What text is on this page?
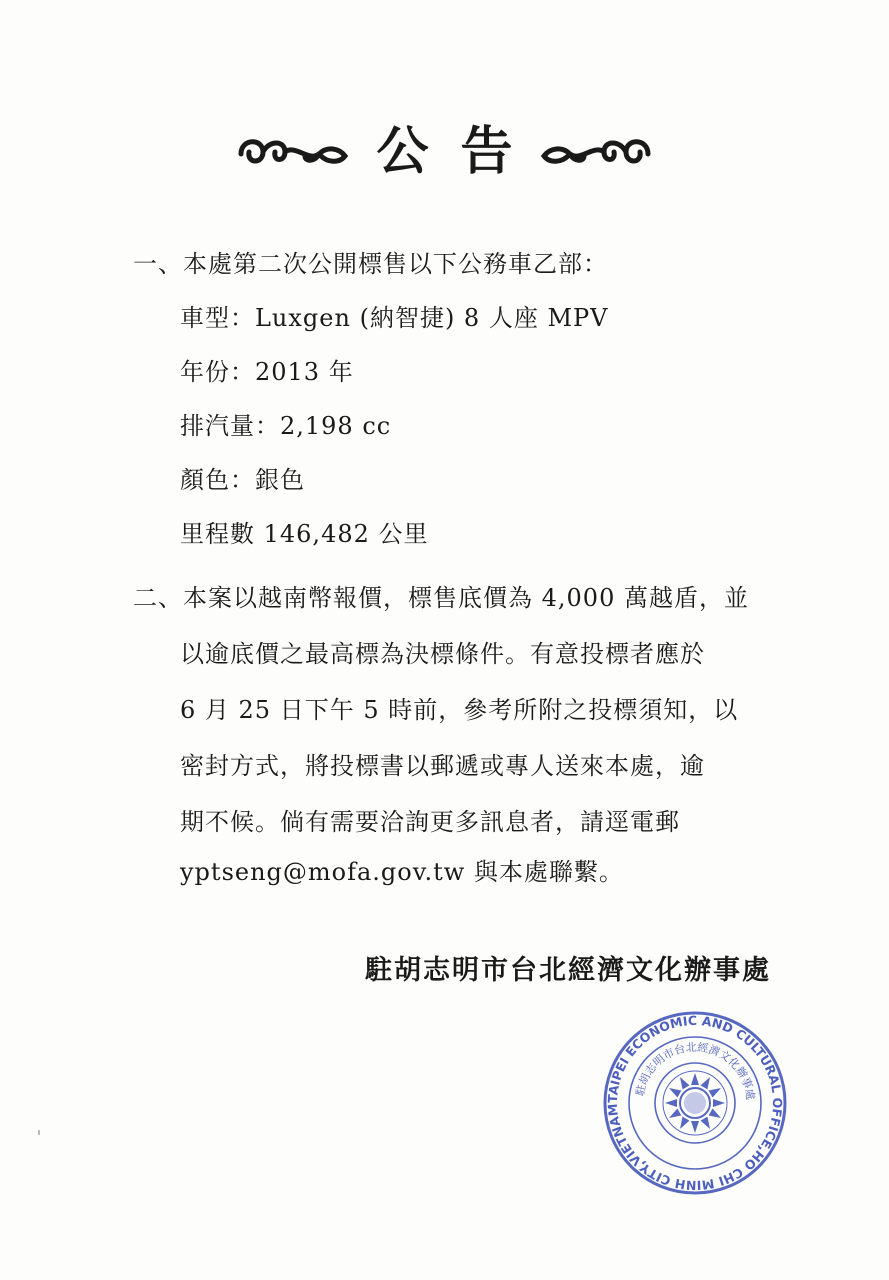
公告
一、本處第二次公開標售以下公務車乙部：
車型：Luxgen (納智捷) 8 人座 MPV
年份：2013 年
排汽量：2,198 cc
顏色：銀色
里程數 146,482 公里
二、本案以越南幣報價，標售底價為 4,000 萬越盾，並
以逾底價之最高標為決標條件。有意投標者應於
6 月 25 日下午 5 時前，參考所附之投標須知，以
密封方式，將投標書以郵遞或專人送來本處，逾
期不候。倘有需要洽詢更多訊息者，請逕電郵
yptseng@mofa.gov.tw 與本處聯繫。
駐胡志明市台北經濟文化辦事處
TAIPEI ECONOMIC AND CULTURAL OFFICE,HO CHI MINH CITY,VIETNAM
駐胡志明市台北經濟文化辦事處
